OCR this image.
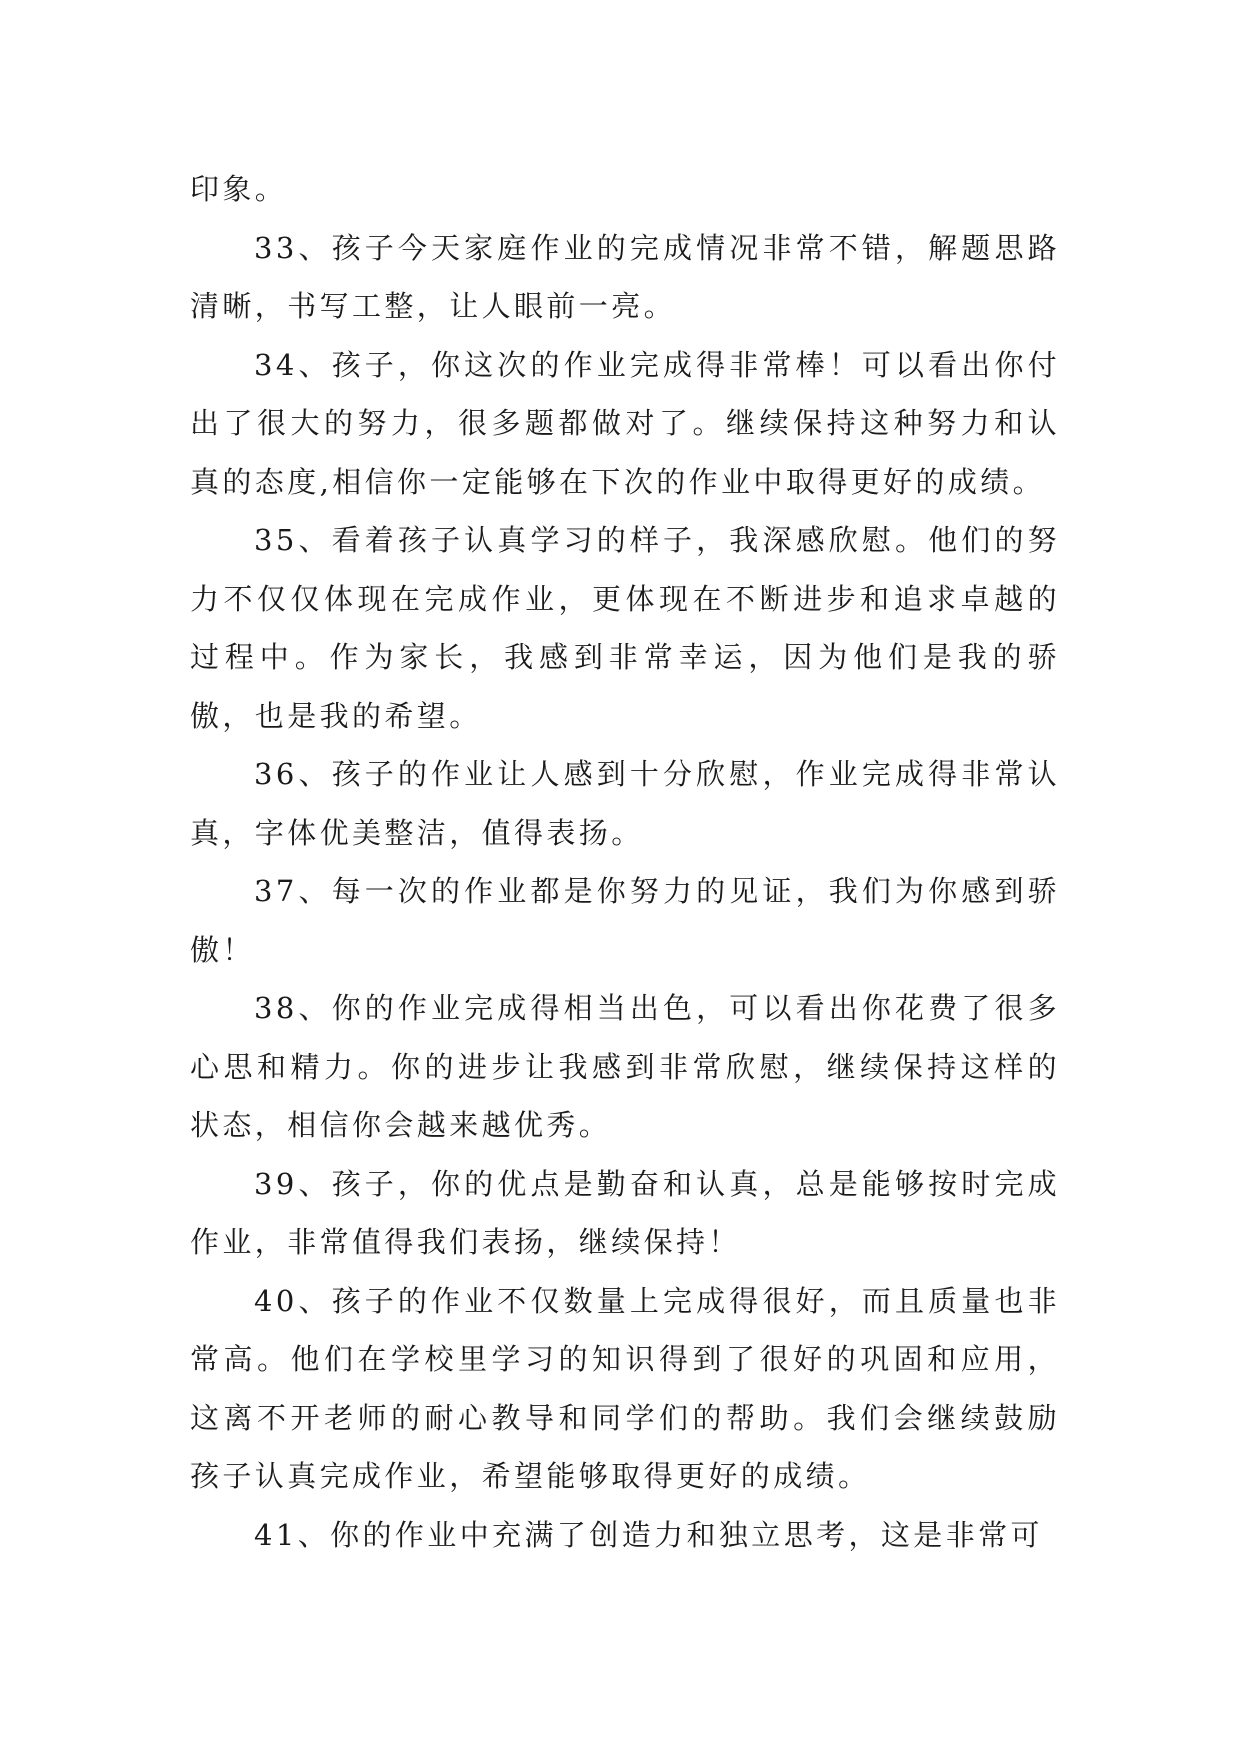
印象。

33、孩子今天家庭作业的完成情况非常不错，解题思路清晰，书写工整，让人眼前一亮。

34、孩子，你这次的作业完成得非常棒！可以看出你付出了很大的努力，很多题都做对了。继续保持这种努力和认真的态度,相信你一定能够在下次的作业中取得更好的成绩。

35、看着孩子认真学习的样子，我深感欣慰。他们的努力不仅仅体现在完成作业，更体现在不断进步和追求卓越的过程中。作为家长，我感到非常幸运，因为他们是我的骄傲，也是我的希望。

36、孩子的作业让人感到十分欣慰，作业完成得非常认真，字体优美整洁，值得表扬。

37、每一次的作业都是你努力的见证，我们为你感到骄傲！

38、你的作业完成得相当出色，可以看出你花费了很多心思和精力。你的进步让我感到非常欣慰，继续保持这样的状态，相信你会越来越优秀。

39、孩子，你的优点是勤奋和认真，总是能够按时完成作业，非常值得我们表扬，继续保持！

40、孩子的作业不仅数量上完成得很好，而且质量也非常高。他们在学校里学习的知识得到了很好的巩固和应用，这离不开老师的耐心教导和同学们的帮助。我们会继续鼓励孩子认真完成作业，希望能够取得更好的成绩。

41、你的作业中充满了创造力和独立思考，这是非常可
